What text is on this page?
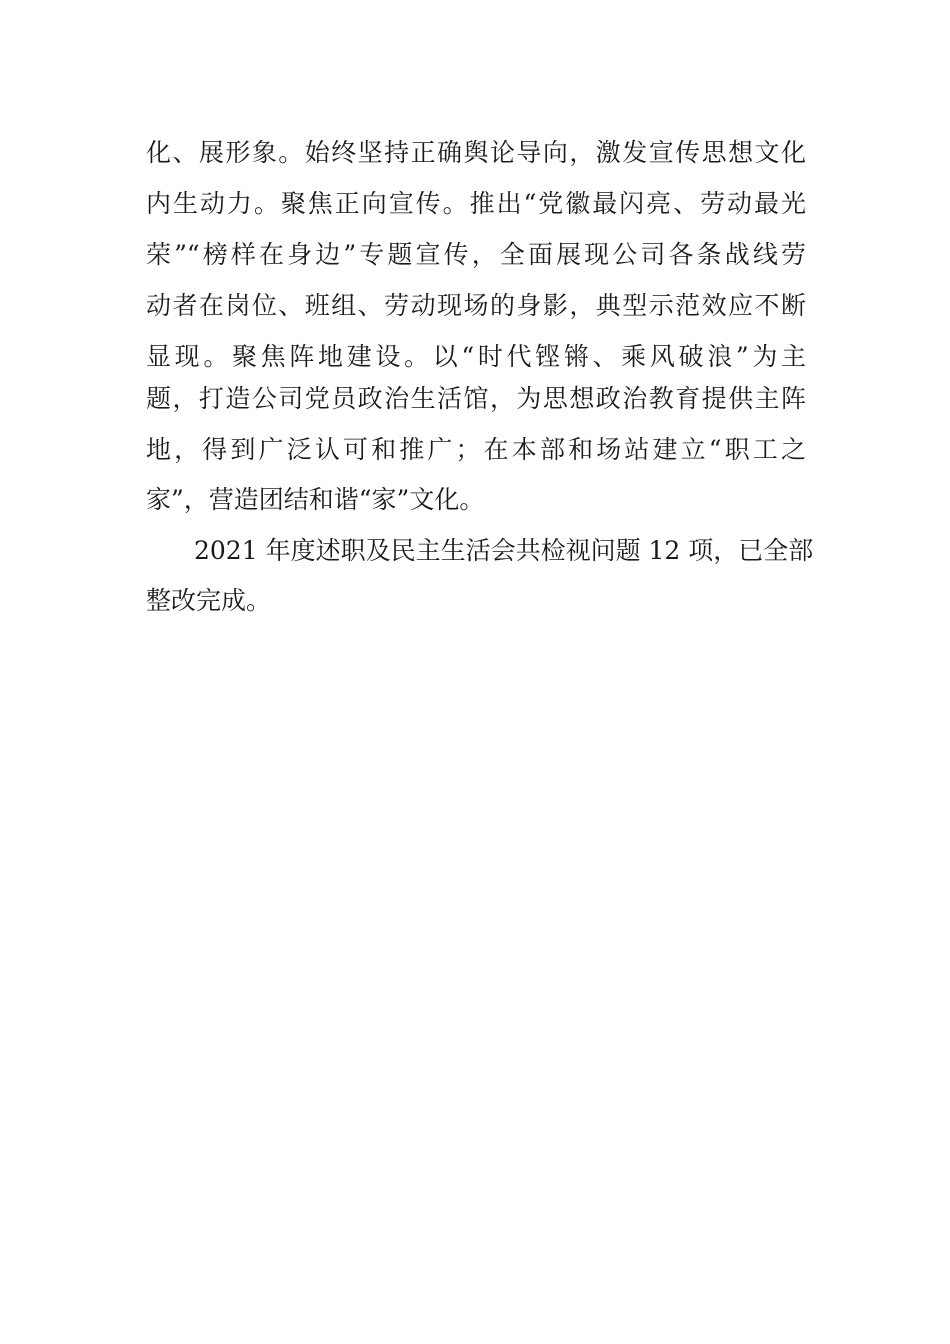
化、展形象。始终坚持正确舆论导向，激发宣传思想文化
内生动力。聚焦正向宣传。推出“党徽最闪亮、劳动最光
荣”“榜样在身边”专题宣传，全面展现公司各条战线劳
动者在岗位、班组、劳动现场的身影，典型示范效应不断
显现。聚焦阵地建设。以“时代铿锵、乘风破浪”为主
题，打造公司党员政治生活馆，为思想政治教育提供主阵
地，得到广泛认可和推广；在本部和场站建立“职工之
家”，营造团结和谐“家”文化。
2021 年度述职及民主生活会共检视问题 12 项，已全部
整改完成。
